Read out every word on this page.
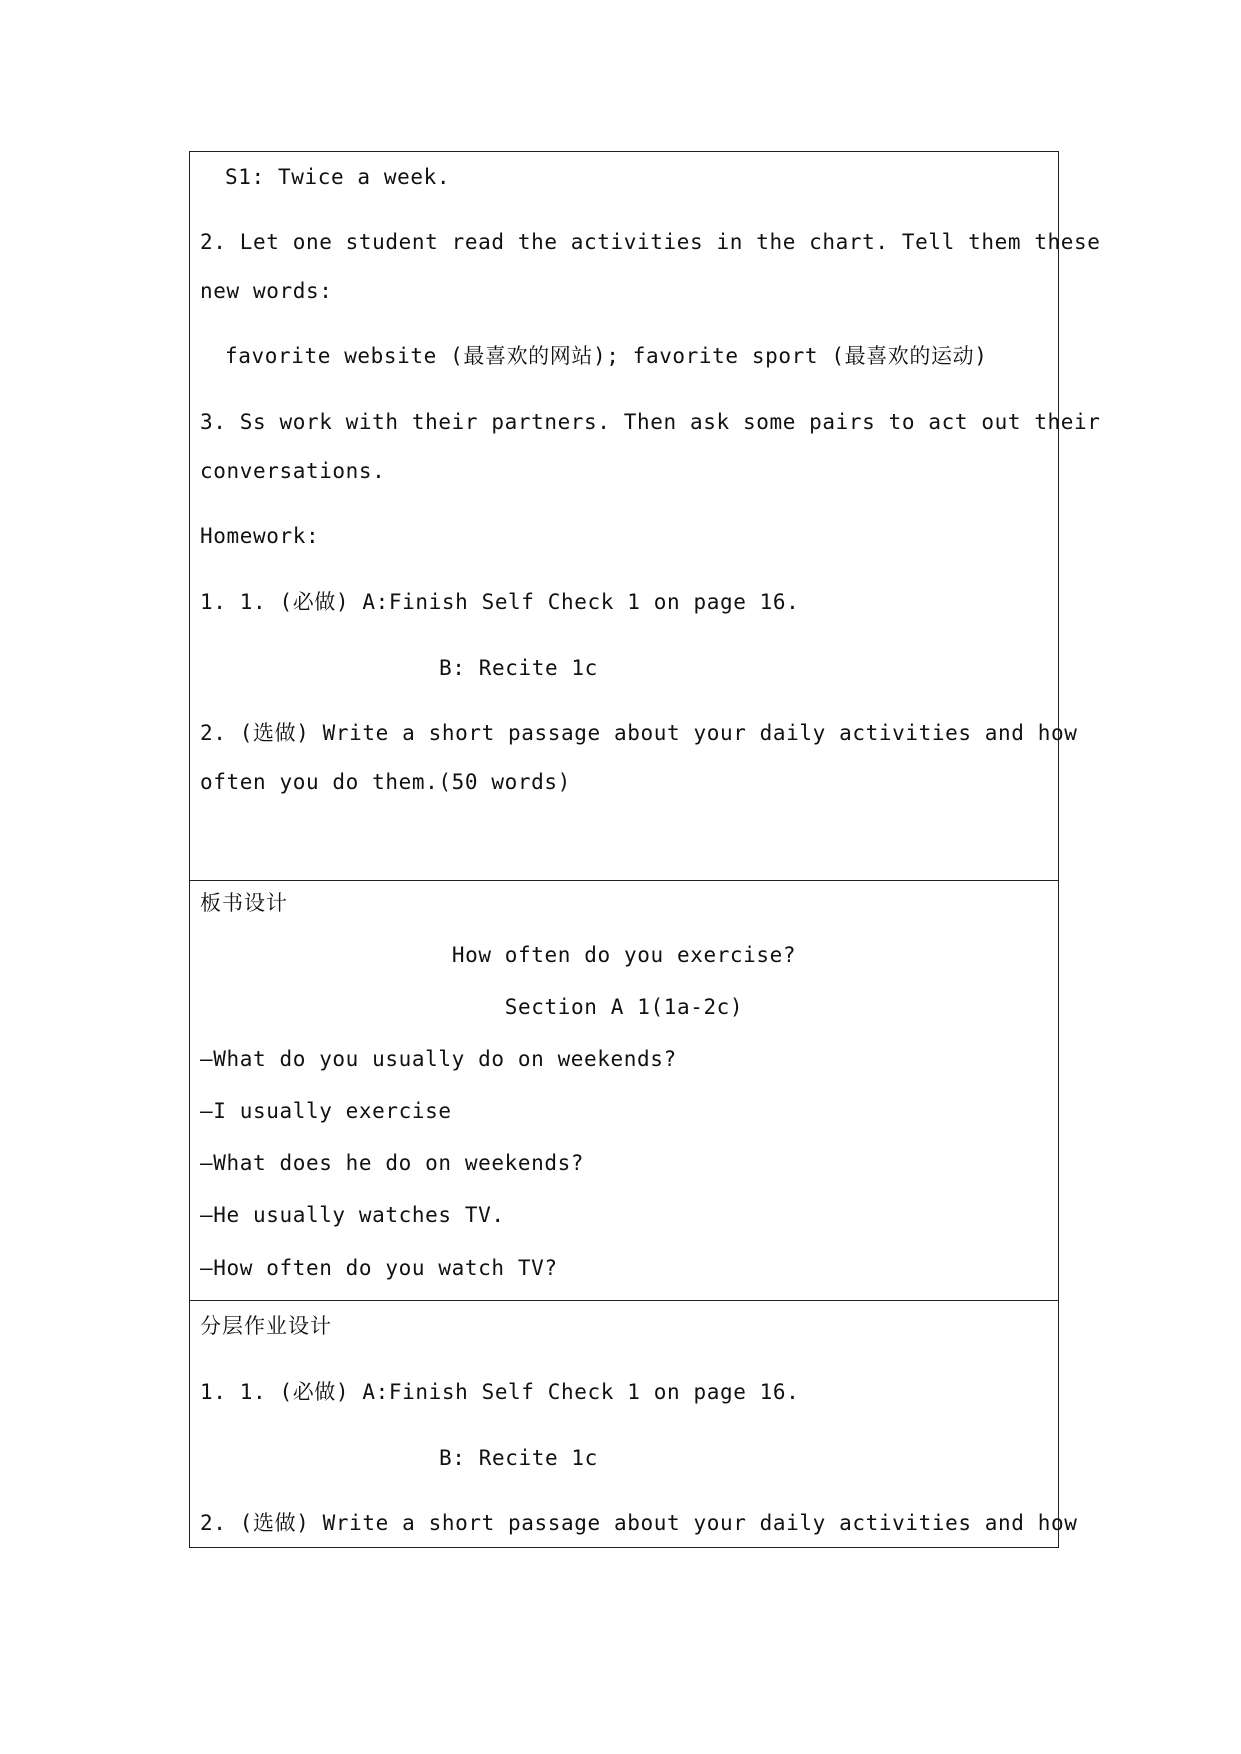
S1: Twice a week.
2. Let one student read the activities in the chart. Tell them these
new words:
favorite website (最喜欢的网站); favorite sport (最喜欢的运动)
3. Ss work with their partners. Then ask some pairs to act out their
conversations.
Homework:
1. 1. (必做) A:Finish Self Check 1 on page 16.
B: Recite 1c
2. (选做) Write a short passage about your daily activities and how
often you do them.(50 words)
板书设计
How often do you exercise?
Section A 1(1a-2c)
—What do you usually do on weekends?
—I usually exercise
—What does he do on weekends?
—He usually watches TV.
—How often do you watch TV?
分层作业设计
1. 1. (必做) A:Finish Self Check 1 on page 16.
B: Recite 1c
2. (选做) Write a short passage about your daily activities and how
